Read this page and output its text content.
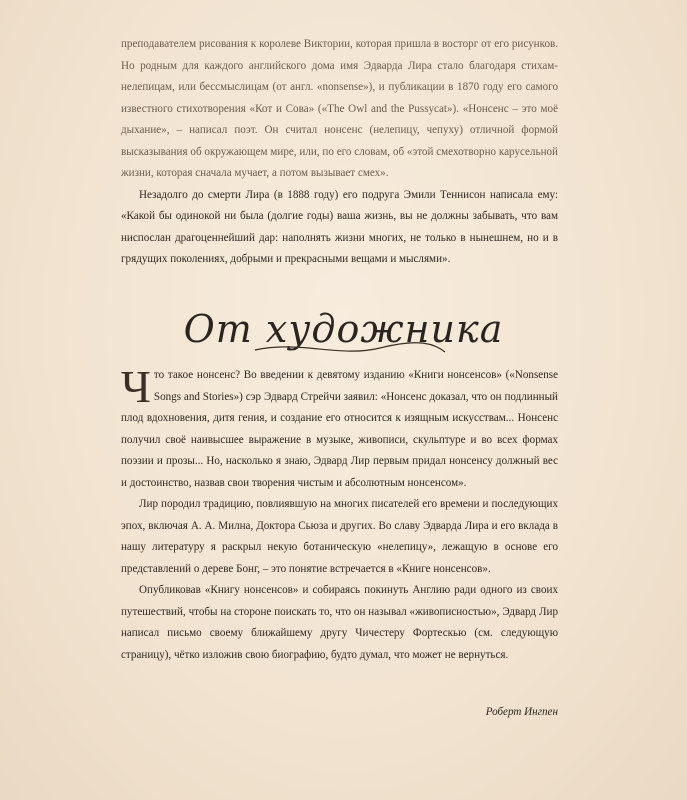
преподавателем рисования к королеве Виктории, которая пришла в восторг от его рисунков. Но родным для каждого английского дома имя Эдварда Лира стало благодаря стихам-нелепицам, или бессмыслицам (от англ. «nonsense»), и публикации в 1870 году его самого известного стихотворения «Кот и Сова» («The Owl and the Pussycat»). «Нонсенс – это моё дыхание», – написал поэт. Он считал нонсенс (нелепицу, чепуху) отличной формой высказывания об окружающем мире, или, по его словам, об «этой смехотворно карусельной жизни, которая сначала мучает, а потом вызывает смех».

Незадолго до смерти Лира (в 1888 году) его подруга Эмили Теннисон написала ему: «Какой бы одинокой ни была (долгие годы) ваша жизнь, вы не должны забывать, что вам ниспослан драгоценнейший дар: наполнять жизни многих, не только в нынешнем, но и в грядущих поколениях, добрыми и прекрасными вещами и мыслями».

От художника

Что такое нонсенс? Во введении к девятому изданию «Книги нонсенсов» («Nonsense Songs and Stories») сэр Эдвард Стрейчи заявил: «Нонсенс доказал, что он подлинный плод вдохновения, дитя гения, и создание его относится к изящным искусствам... Нонсенс получил своё наивысшее выражение в музыке, живописи, скульптуре и во всех формах поэзии и прозы... Но, насколько я знаю, Эдвард Лир первым придал нонсенсу должный вес и достоинство, назвав свои творения чистым и абсолютным нонсенсом».

Лир породил традицию, повлиявшую на многих писателей его времени и последующих эпох, включая А. А. Милна, Доктора Сьюза и других. Во славу Эдварда Лира и его вклада в нашу литературу я раскрыл некую ботаническую «нелепицу», лежащую в основе его представлений о дереве Бонг, – это понятие встречается в «Книге нонсенсов».

Опубликовав «Книгу нонсенсов» и собираясь покинуть Англию ради одного из своих путешествий, чтобы на стороне поискать то, что он называл «живописностью», Эдвард Лир написал письмо своему ближайшему другу Чичестеру Фортескью (см. следующую страницу), чётко изложив свою биографию, будто думал, что может не вернуться.

Роберт Ингпен
